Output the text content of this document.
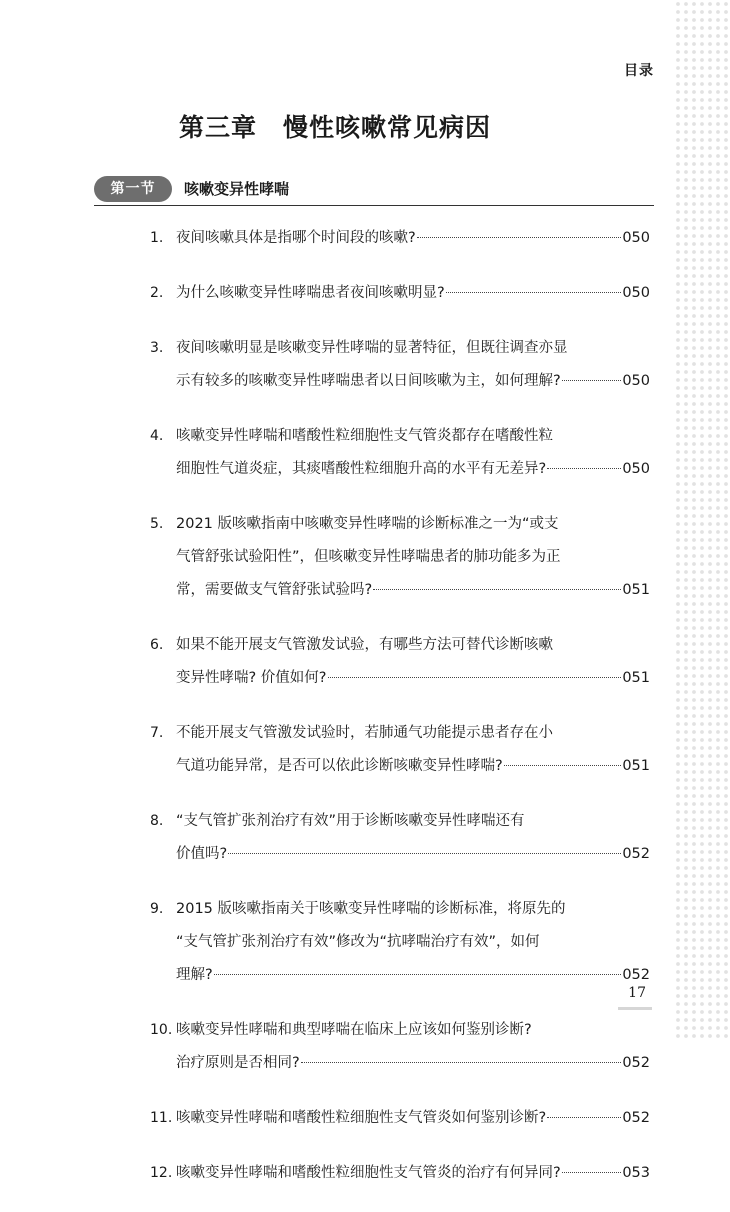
目录
第三章　慢性咳嗽常见病因
第一节	咳嗽变异性哮喘
1. 夜间咳嗽具体是指哪个时间段的咳嗽?	050
2. 为什么咳嗽变异性哮喘患者夜间咳嗽明显?	050
3. 夜间咳嗽明显是咳嗽变异性哮喘的显著特征，但既往调查亦显
示有较多的咳嗽变异性哮喘患者以日间咳嗽为主，如何理解?	050
4. 咳嗽变异性哮喘和嗜酸性粒细胞性支气管炎都存在嗜酸性粒
细胞性气道炎症，其痰嗜酸性粒细胞升高的水平有无差异?	050
5. 2021 版咳嗽指南中咳嗽变异性哮喘的诊断标准之一为“或支
气管舒张试验阳性”，但咳嗽变异性哮喘患者的肺功能多为正
常，需要做支气管舒张试验吗?	051
6. 如果不能开展支气管激发试验，有哪些方法可替代诊断咳嗽
变异性哮喘? 价值如何?	051
7. 不能开展支气管激发试验时，若肺通气功能提示患者存在小
气道功能异常，是否可以依此诊断咳嗽变异性哮喘?	051
8. “支气管扩张剂治疗有效”用于诊断咳嗽变异性哮喘还有
价值吗?	052
9. 2015 版咳嗽指南关于咳嗽变异性哮喘的诊断标准，将原先的
“支气管扩张剂治疗有效”修改为“抗哮喘治疗有效”，如何
理解?	052
10. 咳嗽变异性哮喘和典型哮喘在临床上应该如何鉴别诊断?
治疗原则是否相同?	052
11. 咳嗽变异性哮喘和嗜酸性粒细胞性支气管炎如何鉴别诊断?	052
12. 咳嗽变异性哮喘和嗜酸性粒细胞性支气管炎的治疗有何异同?	053
17
